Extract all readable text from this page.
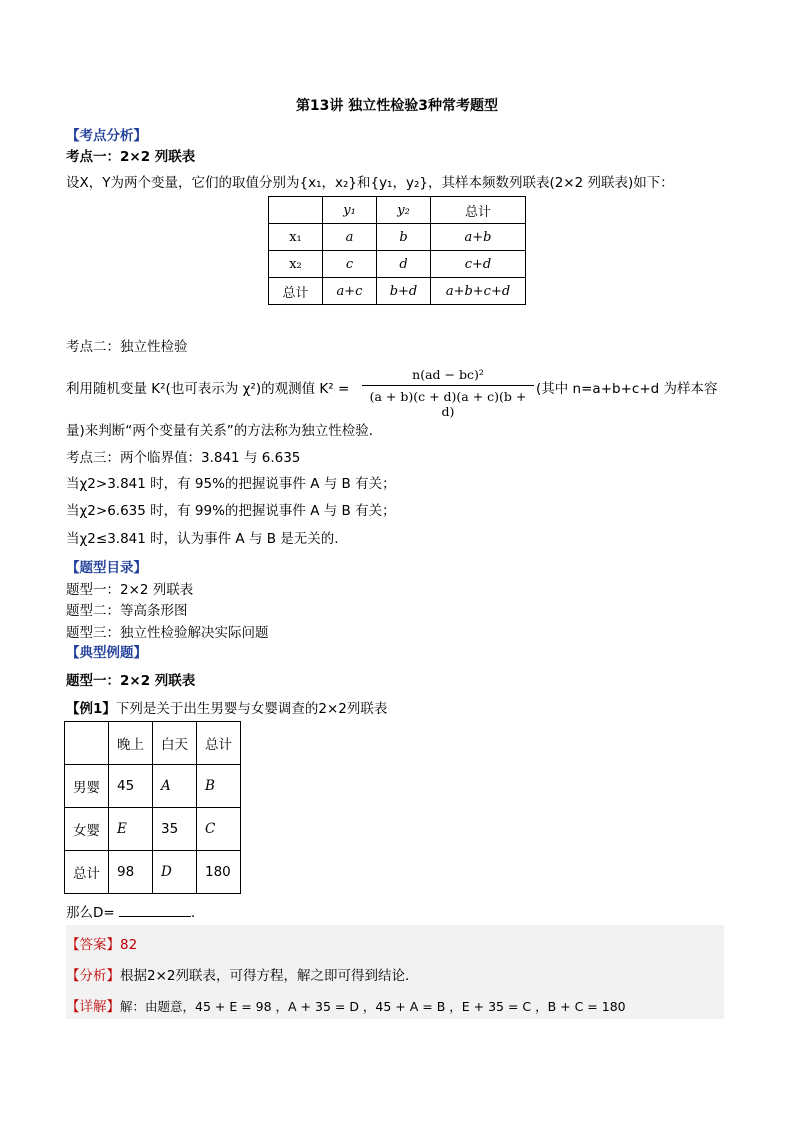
第13讲 独立性检验3种常考题型
【考点分析】
考点一：2×2 列联表
设X，Y为两个变量，它们的取值分别为{x₁，x₂}和{y₁，y₂}，其样本频数列联表(2×2 列联表)如下：
	y₁	y₂	总计
x₁	a	b	a+b
x₂	c	d	c+d
总计	a+c	b+d	a+b+c+d
考点二：独立性检验
利用随机变量 K²(也可表示为 χ²)的观测值 $K^2 = \frac{\text{n(ad − bc)²}}{(a + b)(c + d)(a + c)(b + d)}$ (其中 n=a+b+c+d 为样本容
量)来判断“两个变量有关系”的方法称为独立性检验．
考点三：两个临界值：3.841 与 6.635
当χ2>3.841 时，有 95%的把握说事件 A 与 B 有关；
当χ2>6.635 时，有 99%的把握说事件 A 与 B 有关；
当χ2≤3.841 时，认为事件 A 与 B 是无关的.
【题型目录】
题型一：2×2 列联表
题型二：等高条形图
题型三：独立性检验解决实际问题
【典型例题】
题型一：2×2 列联表
【例1】下列是关于出生男婴与女婴调查的2×2列联表
	晚上	白天	总计
男婴	45	A	B
女婴	E	35	C
总计	98	D	180
那么D=	．
【答案】82
【分析】根据2×2列联表，可得方程，解之即可得到结论．
【详解】解：由题意，45 + E = 98 ，A + 35 = D ，45 + A = B ，E + 35 = C ，B + C = 180
